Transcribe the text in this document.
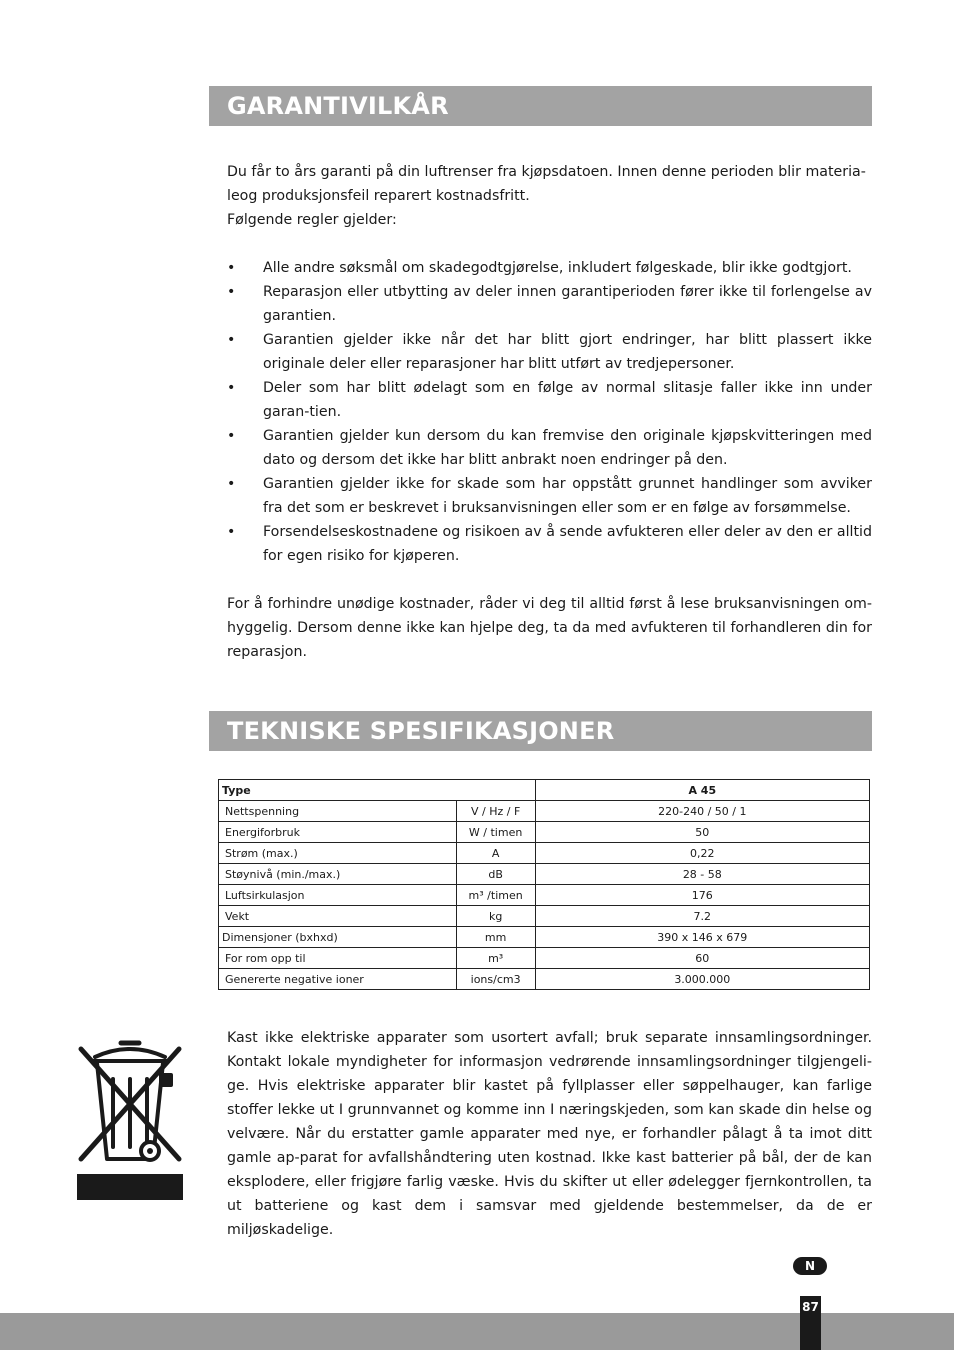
GARANTIVILKÅR

Du får to års garanti på din luftrenser fra kjøpsdatoen. Innen denne perioden blir materia-

leog produksjonsfeil reparert kostnadsfritt.

Følgende regler gjelder:

• Alle andre søksmål om skadegodtgjørelse, inkludert følgeskade, blir ikke godtgjort.
• Reparasjon eller utbytting av deler innen garantiperioden fører ikke til forlengelse av garantien.
• Garantien gjelder ikke når det har blitt gjort endringer, har blitt plassert ikke originale deler eller reparasjoner har blitt utført av tredjepersoner.
• Deler som har blitt ødelagt som en følge av normal slitasje faller ikke inn under garan-tien.
• Garantien gjelder kun dersom du kan fremvise den originale kjøpskvitteringen med dato og dersom det ikke har blitt anbrakt noen endringer på den.
• Garantien gjelder ikke for skade som har oppstått grunnet handlinger som avviker fra det som er beskrevet i bruksanvisningen eller som er en følge av forsømmelse.
• Forsendelseskostnadene og risikoen av å sende avfukteren eller deler av den er alltid for egen risiko for kjøperen.

For å forhindre unødige kostnader, råder vi deg til alltid først å lese bruksanvisningen om-hyggelig. Dersom denne ikke kan hjelpe deg, ta da med avfukteren til forhandleren din for reparasjon.

TEKNISKE SPESIFIKASJONER
Type		A 45
Nettspenning	V / Hz / F	220-240 / 50 / 1
Energiforbruk	W / timen	50
Strøm (max.)	A	0,22
Støynivå (min./max.)	dB	28 - 58
Luftsirkulasjon	m³ /timen	176
Vekt	kg	7.2
Dimensjoner (bxhxd)	mm	390 x 146 x 679
For rom opp til	m³	60
Genererte negative ioner	ions/cm3	3.000.000
Kast ikke elektriske apparater som usortert avfall; bruk separate innsamlingsordninger. Kontakt lokale myndigheter for informasjon vedrørende innsamlingsordninger tilgjengeli-ge. Hvis elektriske apparater blir kastet på fyllplasser eller søppelhauger, kan farlige stoffer lekke ut I grunnvannet og komme inn I næringskjeden, som kan skade din helse og velvære. Når du erstatter gamle apparater med nye, er forhandler pålagt å ta imot ditt gamle ap-parat for avfallshåndtering uten kostnad. Ikke kast batterier på bål, der de kan eksplodere, eller frigjøre farlig væske. Hvis du skifter ut eller ødelegger fjernkontrollen, ta ut batteriene og kast dem i samsvar med gjeldende bestemmelser, da de er miljøskadelige.
N
87
